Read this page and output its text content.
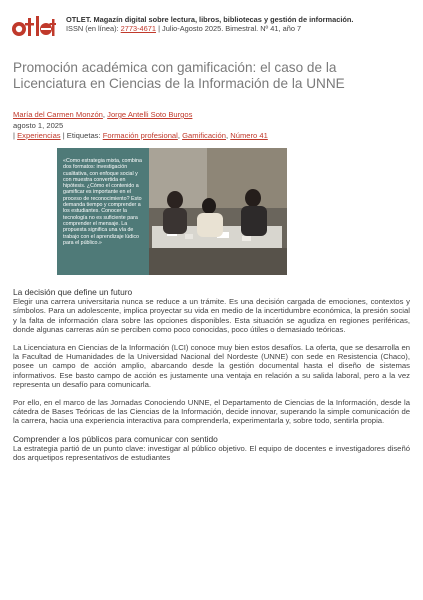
OTLET. Magazín digital sobre lectura, libros, bibliotecas y gestión de información.
ISSN (en línea): 2773-4671 | Julio-Agosto 2025. Bimestral. Nº 41, año 7
Promoción académica con gamificación: el caso de la Licenciatura en Ciencias de la Información de la UNNE
María del Carmen Monzón, Jorge Antelli Soto Burgos
agosto 1, 2025
| Experiencias | Etiquetas: Formación profesional, Gamificación, Número 41
«Como estrategia mixta, combina dos formatos: investigación cualitativa, con enfoque social y con muestra convertida en hipótesis. ¿Cómo el contenido a gamificar es importante en el proceso de reconocimiento? Esto demanda tiempo y comprender a los estudiantes. Conocer la tecnología no es suficiente para comprender el mensaje. La propuesta significa una vía de trabajo con el aprendizaje lúdico para el público.»
La decisión que define un futuro

Elegir una carrera universitaria nunca se reduce a un trámite. Es una decisión cargada de emociones, contextos y símbolos. Para un adolescente, implica proyectar su vida en medio de la incertidumbre económica, la presión social y la falta de información clara sobre las opciones disponibles. Esta situación se agudiza en regiones periféricas, donde algunas carreras aún se perciben como poco conocidas, poco útiles o demasiado teóricas.

La Licenciatura en Ciencias de la Información (LCI) conoce muy bien estos desafíos. La oferta, que se desarrolla en la Facultad de Humanidades de la Universidad Nacional del Nordeste (UNNE) con sede en Resistencia (Chaco), posee un campo de acción amplio, abarcando desde la gestión documental hasta el diseño de sistemas informativos. Ese basto campo de acción es justamente una ventaja en relación a su salida laboral, pero a la vez representa un desafío para comunicarla.

Por ello, en el marco de las Jornadas Conociendo UNNE, el Departamento de Ciencias de la Información, desde la cátedra de Bases Teóricas de las Ciencias de la Información, decide innovar, superando la simple comunicación de la carrera, hacia una experiencia interactiva para comprenderla, experimentarla y, sobre todo, sentirla propia.

Comprender a los públicos para comunicar con sentido

La estrategia partió de un punto clave: investigar al público objetivo. El equipo de docentes e investigadores diseñó dos arquetipos representativos de estudiantes
